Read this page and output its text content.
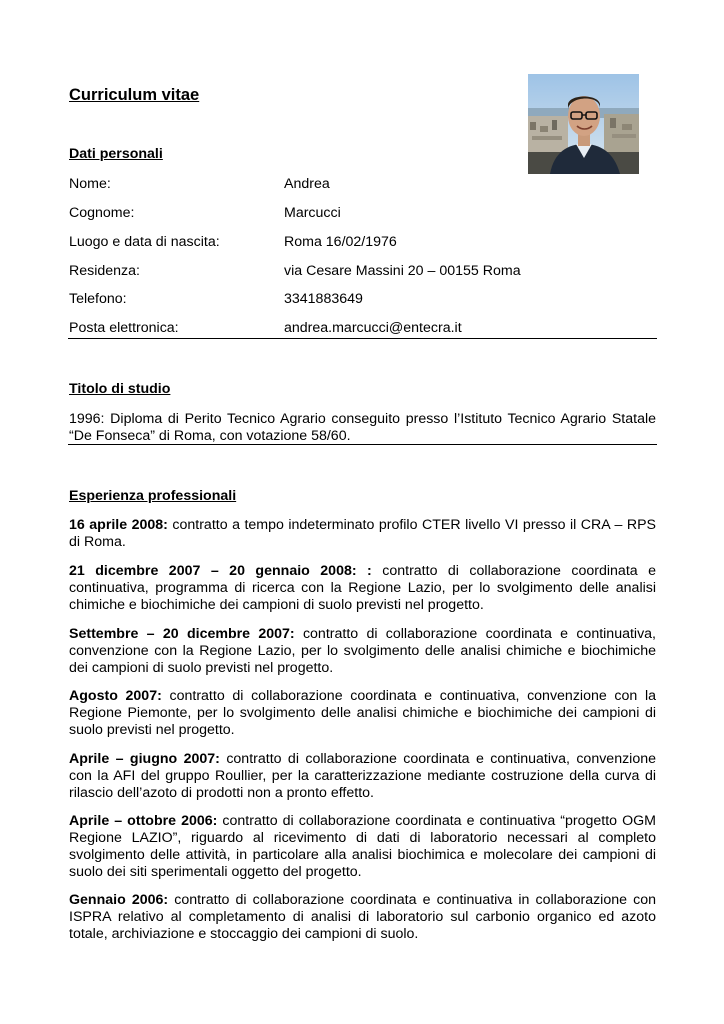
Curriculum vitae
Dati personali
Nome:	Andrea
Cognome:	Marcucci
Luogo e data di nascita:	Roma 16/02/1976
Residenza:	via Cesare Massini 20 – 00155 Roma
Telefono:	3341883649
Posta elettronica:	andrea.marcucci@entecra.it
Titolo di studio
1996: Diploma di Perito Tecnico Agrario conseguito presso l’Istituto Tecnico Agrario Statale “De Fonseca” di Roma, con votazione 58/60.
Esperienza professionali
16 aprile 2008: contratto a tempo indeterminato profilo CTER livello VI presso il CRA – RPS di Roma.
21 dicembre 2007 – 20 gennaio 2008: : contratto di collaborazione coordinata e continuativa, programma di ricerca con la Regione Lazio, per lo svolgimento delle analisi chimiche e biochimiche dei campioni di suolo previsti nel progetto.
Settembre – 20 dicembre 2007: contratto di collaborazione coordinata e continuativa, convenzione con la Regione Lazio, per lo svolgimento delle analisi chimiche e biochimiche dei campioni di suolo previsti nel progetto.
Agosto 2007: contratto di collaborazione coordinata e continuativa, convenzione con la Regione Piemonte, per lo svolgimento delle analisi chimiche e biochimiche dei campioni di suolo previsti nel progetto.
Aprile – giugno 2007: contratto di collaborazione coordinata e continuativa, convenzione con la AFI del gruppo Roullier, per la caratterizzazione mediante costruzione della curva di rilascio dell’azoto di prodotti non a pronto effetto.
Aprile – ottobre 2006: contratto di collaborazione coordinata e continuativa “progetto OGM Regione LAZIO”, riguardo al ricevimento di dati di laboratorio necessari al completo svolgimento delle attività, in particolare alla analisi biochimica e molecolare dei campioni di suolo dei siti sperimentali oggetto del progetto.
Gennaio 2006: contratto di collaborazione coordinata e continuativa in collaborazione con ISPRA relativo al completamento di analisi di laboratorio sul carbonio organico ed azoto totale, archiviazione e stoccaggio dei campioni di suolo.
